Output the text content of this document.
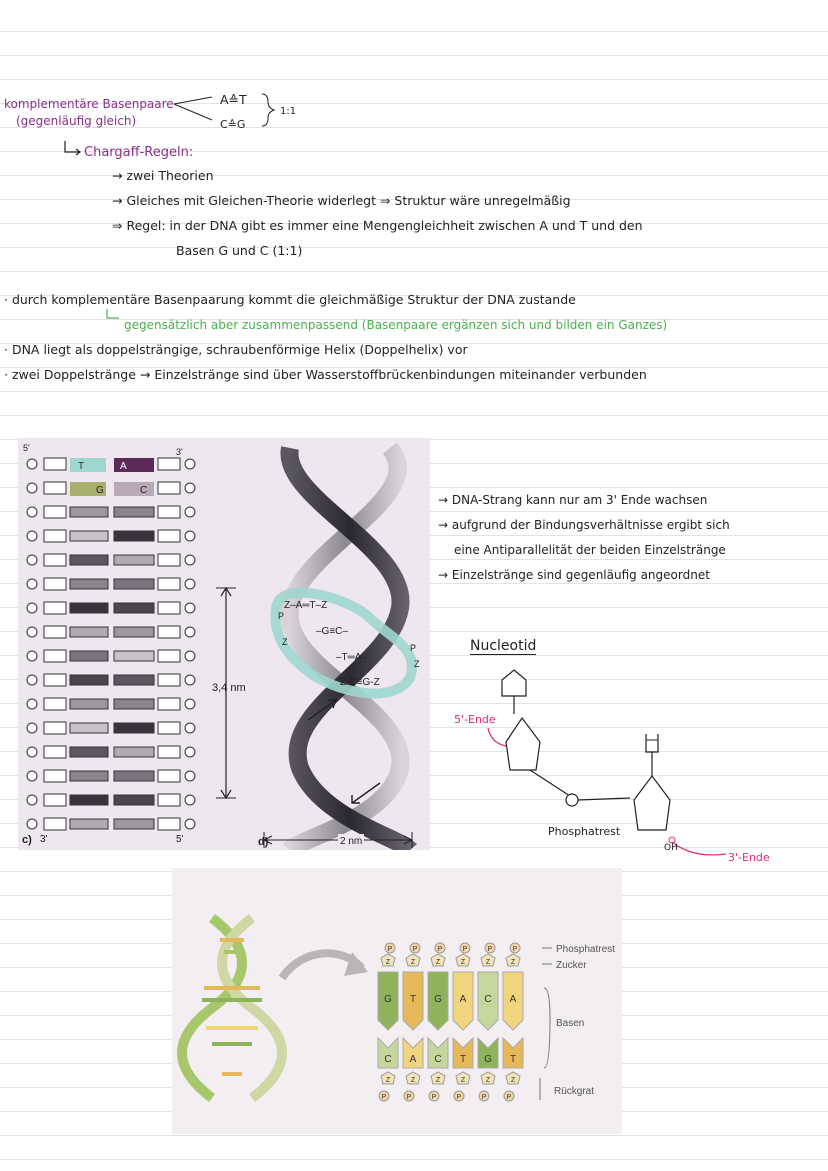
komplementäre Basenpaare
(gegenläufig gleich)
A≙T
C≙G
1:1
Chargaff-Regeln:
→ zwei Theorien
→ Gleiches mit Gleichen-Theorie widerlegt ⇒ Struktur wäre unregelmäßig
⇒ Regel: in der DNA gibt es immer eine Mengengleichheit zwischen A und T und den
Basen G und C (1:1)
· durch komplementäre Basenpaarung kommt die gleichmäßige Struktur der DNA zustande
gegensätzlich aber zusammenpassend (Basenpaare ergänzen sich und bilden ein Ganzes)
· DNA liegt als doppelsträngige, schraubenförmige Helix (Doppelhelix) vor
· zwei Doppelstränge → Einzelstränge sind über Wasserstoffbrückenbindungen miteinander verbunden
5'	3'
T	A
G	C
3,4 nm
c) 3'	5'
Z–A═T–Z
–G≡C–
–T═A–
Z-C≡G-Z
P
Z
P
Z
d)	2 nm
→ DNA-Strang kann nur am 3' Ende wachsen
→ aufgrund der Bindungsverhältnisse ergibt sich
eine Antiparallelität der beiden Einzelstränge
→ Einzelstränge sind gegenläufig angeordnet
Nucleotid
5'-Ende
Phosphatrest
OH
3'-Ende
P
Z
G
C
Z
P
P
Z
T
A
Z
P
P
Z
G
C
Z
P
P
Z
A
T
Z
P
P
Z
C
G
Z
P
P
Z
A
T
Z
P
Phosphatrest
Zucker
Basen
Rückgrat
